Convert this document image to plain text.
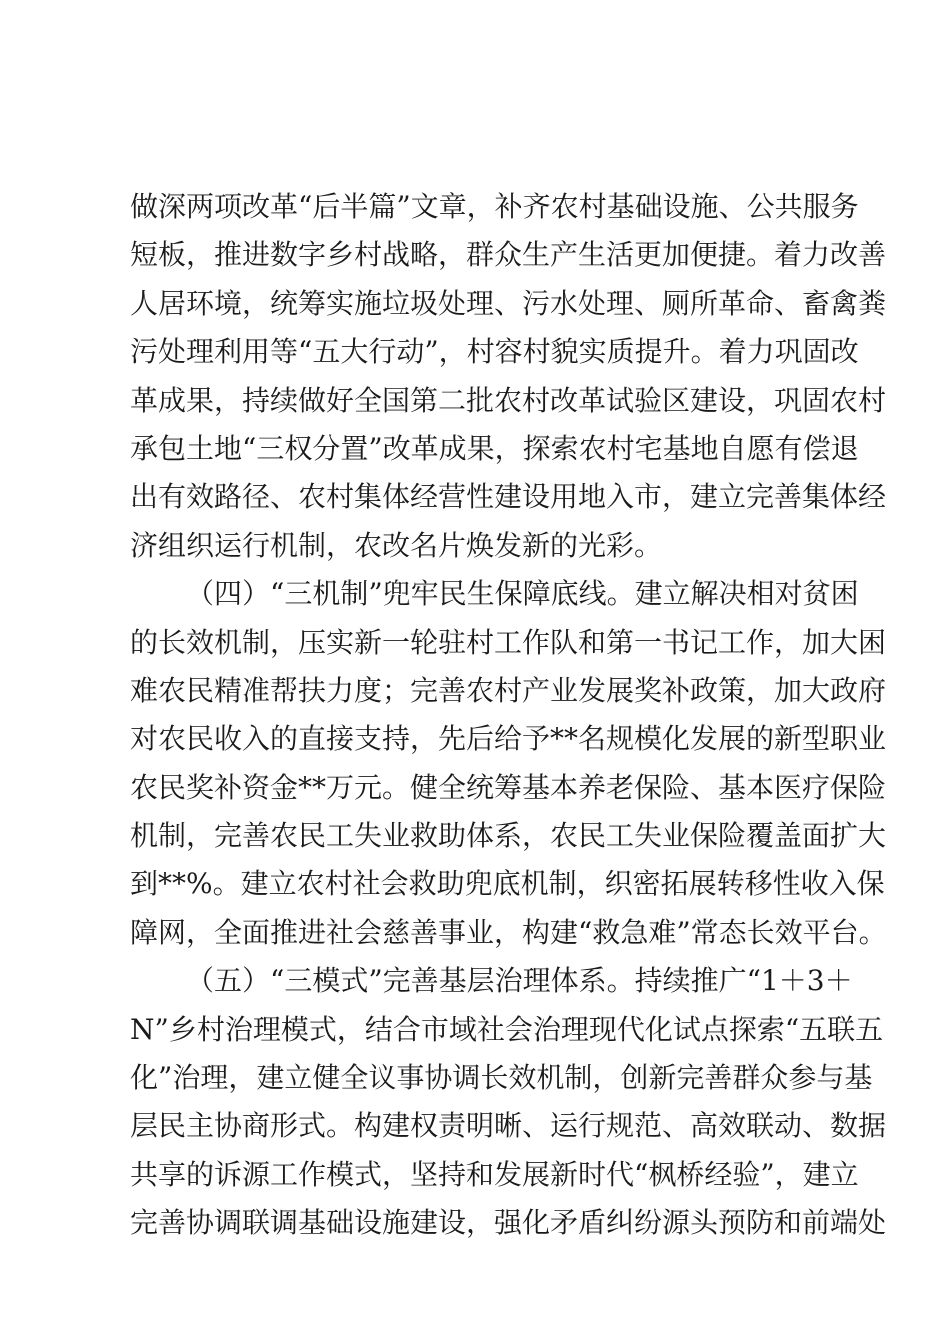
做深两项改革“后半篇”文章，补齐农村基础设施、公共服务
短板，推进数字乡村战略，群众生产生活更加便捷。着力改善
人居环境，统筹实施垃圾处理、污水处理、厕所革命、畜禽粪
污处理利用等“五大行动”，村容村貌实质提升。着力巩固改
革成果，持续做好全国第二批农村改革试验区建设，巩固农村
承包土地“三权分置”改革成果，探索农村宅基地自愿有偿退
出有效路径、农村集体经营性建设用地入市，建立完善集体经
济组织运行机制，农改名片焕发新的光彩。
（四）“三机制”兜牢民生保障底线。建立解决相对贫困
的长效机制，压实新一轮驻村工作队和第一书记工作，加大困
难农民精准帮扶力度；完善农村产业发展奖补政策，加大政府
对农民收入的直接支持，先后给予**名规模化发展的新型职业
农民奖补资金**万元。健全统筹基本养老保险、基本医疗保险
机制，完善农民工失业救助体系，农民工失业保险覆盖面扩大
到**%。建立农村社会救助兜底机制，织密拓展转移性收入保
障网，全面推进社会慈善事业，构建“救急难”常态长效平台。
（五）“三模式”完善基层治理体系。持续推广“1＋3＋
N”乡村治理模式，结合市域社会治理现代化试点探索“五联五
化”治理，建立健全议事协调长效机制，创新完善群众参与基
层民主协商形式。构建权责明晰、运行规范、高效联动、数据
共享的诉源工作模式，坚持和发展新时代“枫桥经验”，建立
完善协调联调基础设施建设，强化矛盾纠纷源头预防和前端处
